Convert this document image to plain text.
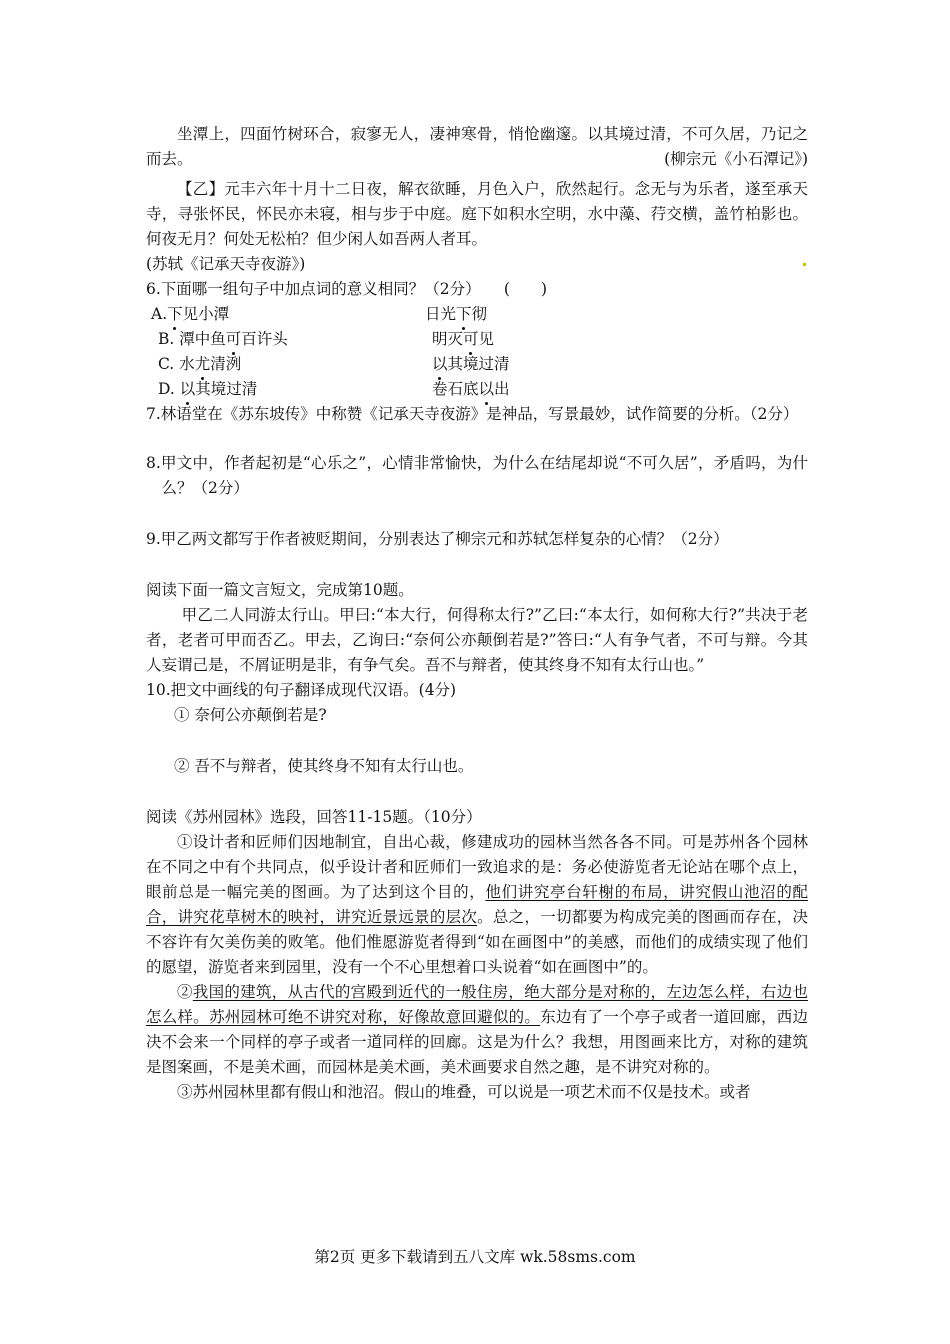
坐潭上，四面竹树环合，寂寥无人，凄神寒骨，悄怆幽邃。以其境过清，不可久居，乃记之而去。	(柳宗元《小石潭记》)

【乙】元丰六年十月十二日夜，解衣欲睡，月色入户，欣然起行。念无与为乐者，遂至承天寺，寻张怀民，怀民亦未寝，相与步于中庭。庭下如积水空明，水中藻、荇交横，盖竹柏影也。何夜无月？何处无松柏？但少闲人如吾两人者耳。

(苏轼《记承天寺夜游》)

6.下面哪一组句子中加点词的意义相同？（2分）　　(　　)

A.下见小潭	日光下彻
B. 潭中鱼可百许头	明灭可见
C. 水尤清洌	以其境过清
D. 以其境过清	卷石底以出

7.林语堂在《苏东坡传》中称赞《记承天寺夜游》是神品，写景最妙，试作简要的分析。（2分）

8.甲文中，作者起初是“心乐之”，心情非常愉快，为什么在结尾却说“不可久居”，矛盾吗，为什么？（2分）

9.甲乙两文都写于作者被贬期间，分别表达了柳宗元和苏轼怎样复杂的心情？（2分）

阅读下面一篇文言短文，完成第10题。

甲乙二人同游太行山。甲曰:“本大行，何得称太行?”乙曰:“本太行，如何称大行?”共决于老者，老者可甲而否乙。甲去，乙询曰:“奈何公亦颠倒若是?”答曰:“人有争气者，不可与辩。今其人妄谓己是，不屑证明是非，有争气矣。吾不与辩者，使其终身不知有太行山也。”

10.把文中画线的句子翻译成现代汉语。(4分)

① 奈何公亦颠倒若是?

② 吾不与辩者，使其终身不知有太行山也。

阅读《苏州园林》选段，回答11-15题。（10分）

①设计者和匠师们因地制宜，自出心裁，修建成功的园林当然各各不同。可是苏州各个园林在不同之中有个共同点，似乎设计者和匠师们一致追求的是：务必使游览者无论站在哪个点上，眼前总是一幅完美的图画。为了达到这个目的，他们讲究亭台轩榭的布局，讲究假山池沼的配合，讲究花草树木的映衬，讲究近景远景的层次。总之，一切都要为构成完美的图画而存在，决不容许有欠美伤美的败笔。他们惟愿游览者得到“如在画图中”的美感，而他们的成绩实现了他们的愿望，游览者来到园里，没有一个不心里想着口头说着“如在画图中”的。

②我国的建筑，从古代的宫殿到近代的一般住房，绝大部分是对称的，左边怎么样，右边也怎么样。苏州园林可绝不讲究对称，好像故意回避似的。东边有了一个亭子或者一道回廊，西边决不会来一个同样的亭子或者一道同样的回廊。这是为什么？我想，用图画来比方，对称的建筑是图案画，不是美术画，而园林是美术画，美术画要求自然之趣，是不讲究对称的。

③苏州园林里都有假山和池沼。假山的堆叠，可以说是一项艺术而不仅是技术。或者

第2页 更多下载请到五八文库 wk.58sms.com
